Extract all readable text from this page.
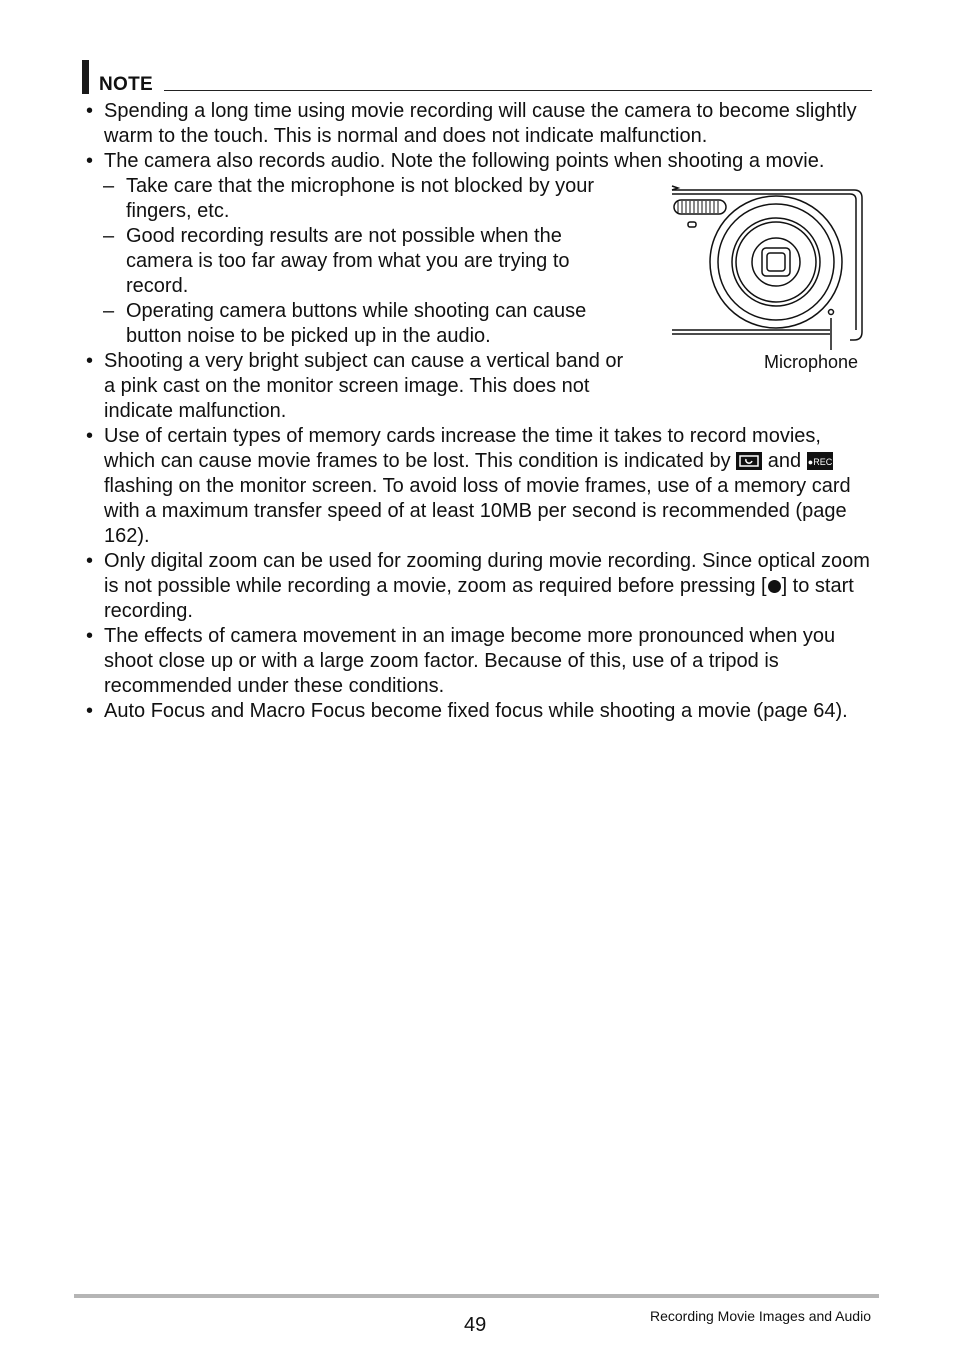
NOTE
• Spending a long time using movie recording will cause the camera to become slightly warm to the touch. This is normal and does not indicate malfunction.
• The camera also records audio. Note the following points when shooting a movie.
– Take care that the microphone is not blocked by your fingers, etc.
– Good recording results are not possible when the camera is too far away from what you are trying to record.
– Operating camera buttons while shooting can cause button noise to be picked up in the audio.
• Shooting a very bright subject can cause a vertical band or a pink cast on the monitor screen image. This does not indicate malfunction.
• Use of certain types of memory cards increase the time it takes to record movies, which can cause movie frames to be lost. This condition is indicated by and ●REC
flashing on the monitor screen. To avoid loss of movie frames, use of a memory card with a maximum transfer speed of at least 10MB per second is recommended (page 162).
• Only digital zoom can be used for zooming during movie recording. Since optical zoom is not possible while recording a movie, zoom as required before pressing [ ] to start recording.
• The effects of camera movement in an image become more pronounced when you shoot close up or with a large zoom factor. Because of this, use of a tripod is recommended under these conditions.
• Auto Focus and Macro Focus become fixed focus while shooting a movie (page 64).
Microphone
49	Recording Movie Images and Audio
